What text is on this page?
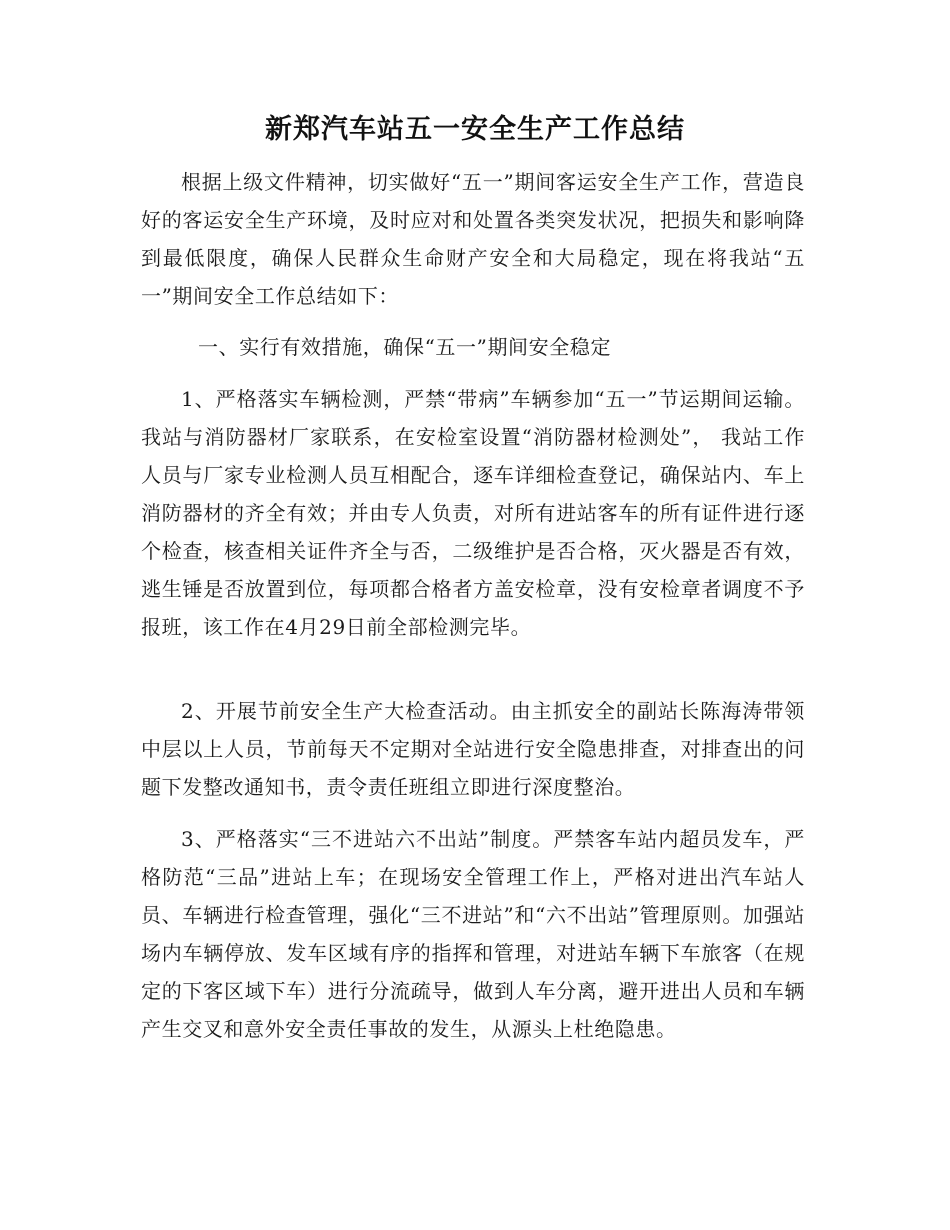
新郑汽车站五一安全生产工作总结

根据上级文件精神，切实做好“五一”期间客运安全生产工作，营造良好的客运安全生产环境，及时应对和处置各类突发状况，把损失和影响降到最低限度，确保人民群众生命财产安全和大局稳定，现在将我站“五一”期间安全工作总结如下：

一、实行有效措施，确保“五一”期间安全稳定

1、严格落实车辆检测，严禁“带病”车辆参加“五一”节运期间运输。我站与消防器材厂家联系，在安检室设置“消防器材检测处”， 我站工作人员与厂家专业检测人员互相配合，逐车详细检查登记，确保站内、车上消防器材的齐全有效；并由专人负责，对所有进站客车的所有证件进行逐个检查，核查相关证件齐全与否，二级维护是否合格，灭火器是否有效，逃生锤是否放置到位，每项都合格者方盖安检章，没有安检章者调度不予报班，该工作在4月29日前全部检测完毕。

2、开展节前安全生产大检查活动。由主抓安全的副站长陈海涛带领中层以上人员，节前每天不定期对全站进行安全隐患排查，对排查出的问题下发整改通知书，责令责任班组立即进行深度整治。

3、严格落实“三不进站六不出站”制度。严禁客车站内超员发车，严格防范“三品”进站上车；在现场安全管理工作上，严格对进出汽车站人员、车辆进行检查管理，强化“三不进站”和“六不出站”管理原则。加强站场内车辆停放、发车区域有序的指挥和管理，对进站车辆下车旅客（在规定的下客区域下车）进行分流疏导，做到人车分离，避开进出人员和车辆产生交叉和意外安全责任事故的发生，从源头上杜绝隐患。
